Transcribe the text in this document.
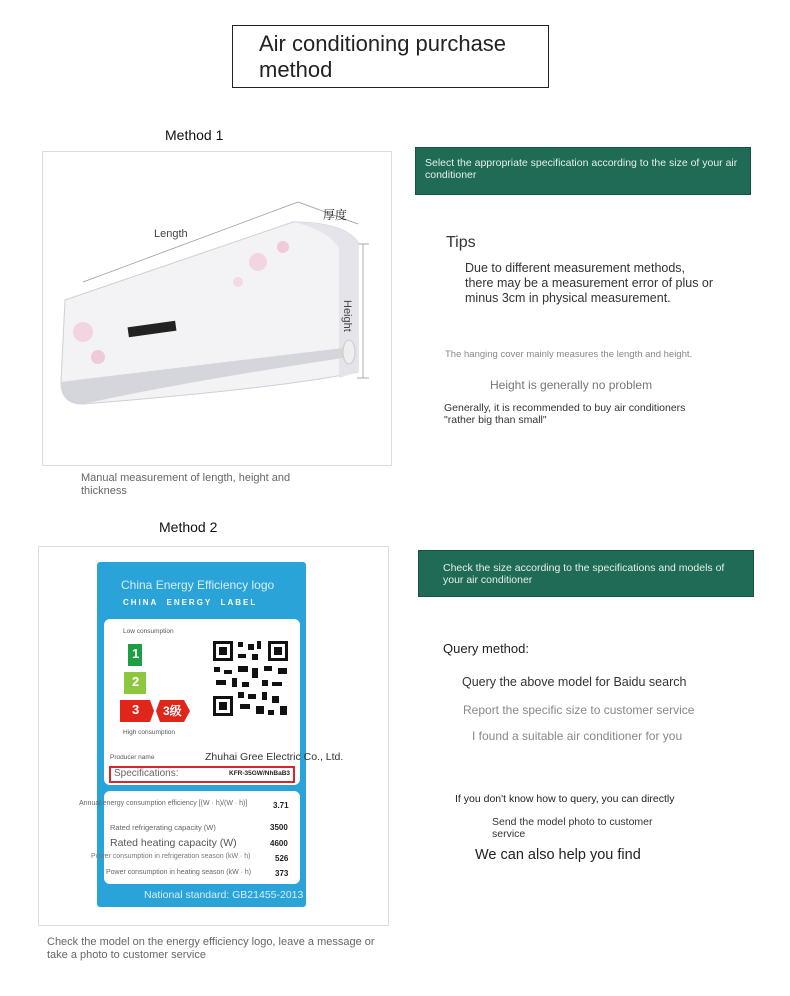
Air conditioning purchase method
Method 1
Length
厚度
Height
Manual measurement of length, height and thickness
Select the appropriate specification according to the size of your air conditioner
Tips
Due to different measurement methods, there may be a measurement error of plus or minus 3cm in physical measurement.
The hanging cover mainly measures the length and height.
Height is generally no problem
Generally, it is recommended to buy air conditioners "rather big than small"
Method 2
China Energy Efficiency logo
CHINA  ENERGY  LABEL
Low consumption
1
2
3 3级
High consumption
Producer name	Zhuhai Gree Electric Co., Ltd.
Specifications:	KFR-35GW/NhBaB3
Annual energy consumption efficiency [(W · h)/(W · h)]	3.71
Rated refrigerating capacity (W)	3500
Rated heating capacity (W)	4600
Power consumption in refrigeration season (kW · h)	526
Power consumption in heating season (kW · h)	373
National standard: GB21455-2013
Check the model on the energy efficiency logo, leave a message or take a photo to customer service
Check the size according to the specifications and models of your air conditioner
Query method:
Query the above model for Baidu search
Report the specific size to customer service
I found a suitable air conditioner for you
If you don't know how to query, you can directly
Send the model photo to customer service
We can also help you find
